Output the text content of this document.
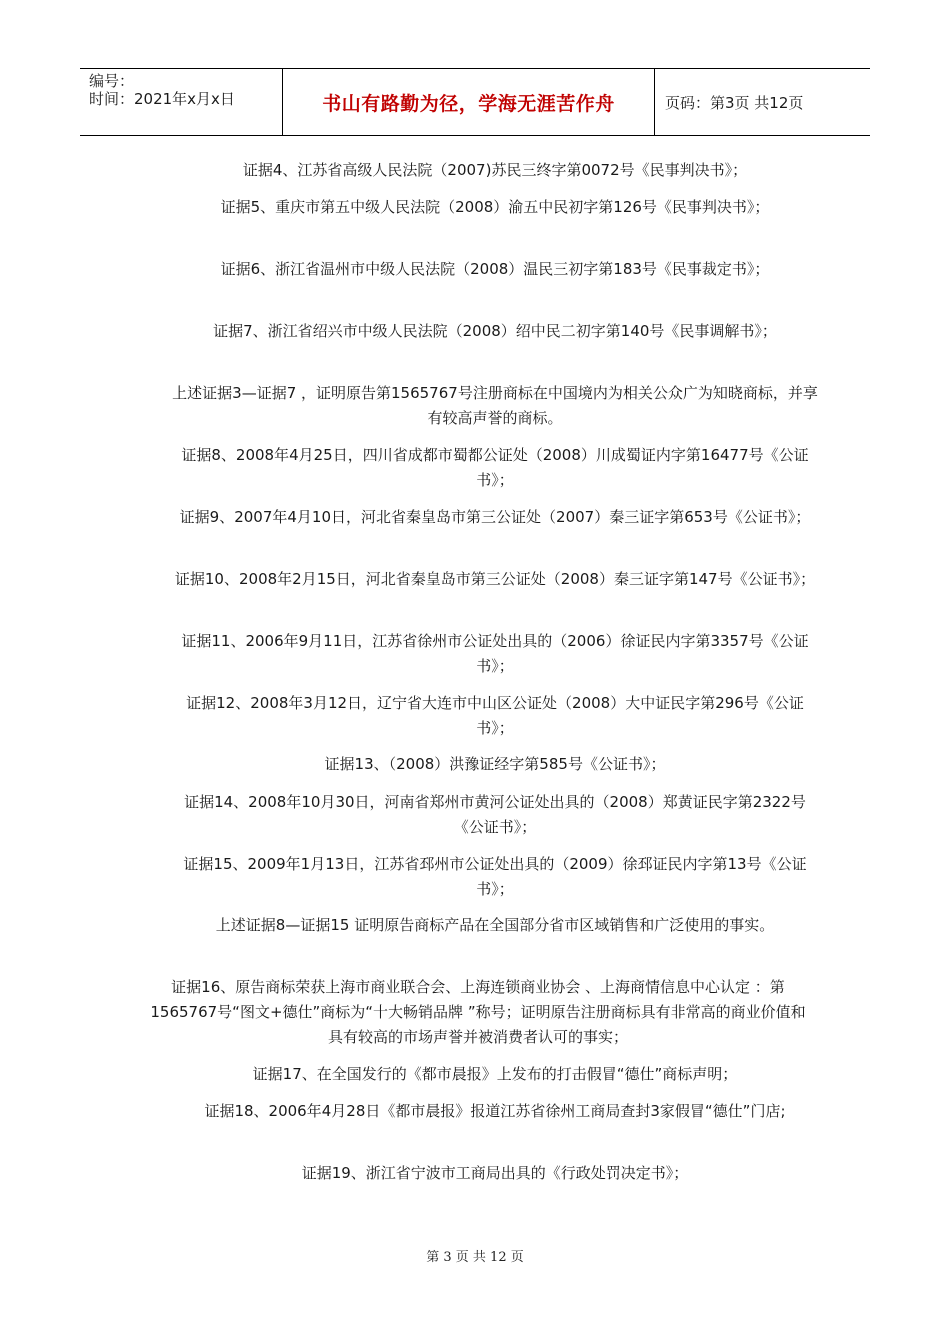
编号：
时间：2021年x月x日	书山有路勤为径，学海无涯苦作舟	页码：第3页 共12页

证据4、江苏省高级人民法院（2007)苏民三终字第0072号《民事判决书》；

证据5、重庆市第五中级人民法院（2008）渝五中民初字第126号《民事判决书》；

证据6、浙江省温州市中级人民法院（2008）温民三初字第183号《民事裁定书》；

证据7、浙江省绍兴市中级人民法院（2008）绍中民二初字第140号《民事调解书》；

上述证据3—证据7 ，证明原告第1565767号注册商标在中国境内为相关公众广为知晓商标，并享有较高声誉的商标。

证据8、2008年4月25日，四川省成都市蜀都公证处（2008）川成蜀证内字第16477号《公证书》；

证据9、2007年4月10日，河北省秦皇岛市第三公证处（2007）秦三证字第653号《公证书》；

证据10、2008年2月15日，河北省秦皇岛市第三公证处（2008）秦三证字第147号《公证书》；

证据11、2006年9月11日，江苏省徐州市公证处出具的（2006）徐证民内字第3357号《公证书》；

证据12、2008年3月12日，辽宁省大连市中山区公证处（2008）大中证民字第296号《公证书》；

证据13、（2008）洪豫证经字第585号《公证书》；

证据14、2008年10月30日，河南省郑州市黄河公证处出具的（2008）郑黄证民字第2322号《公证书》；

证据15、2009年1月13日，江苏省邳州市公证处出具的（2009）徐邳证民内字第13号《公证书》；

上述证据8—证据15 证明原告商标产品在全国部分省市区域销售和广泛使用的事实。

证据16、原告商标荣获上海市商业联合会、上海连锁商业协会 、上海商情信息中心认定 ：第1565767号“图文+德仕”商标为“十大畅销品牌 ”称号；证明原告注册商标具有非常高的商业价值和具有较高的市场声誉并被消费者认可的事实；

证据17、在全国发行的《都市晨报》上发布的打击假冒“德仕”商标声明；

证据18、2006年4月28日《都市晨报》报道江苏省徐州工商局查封3家假冒“德仕”门店;

证据19、浙江省宁波市工商局出具的《行政处罚决定书》；

第 3 页 共 12 页
